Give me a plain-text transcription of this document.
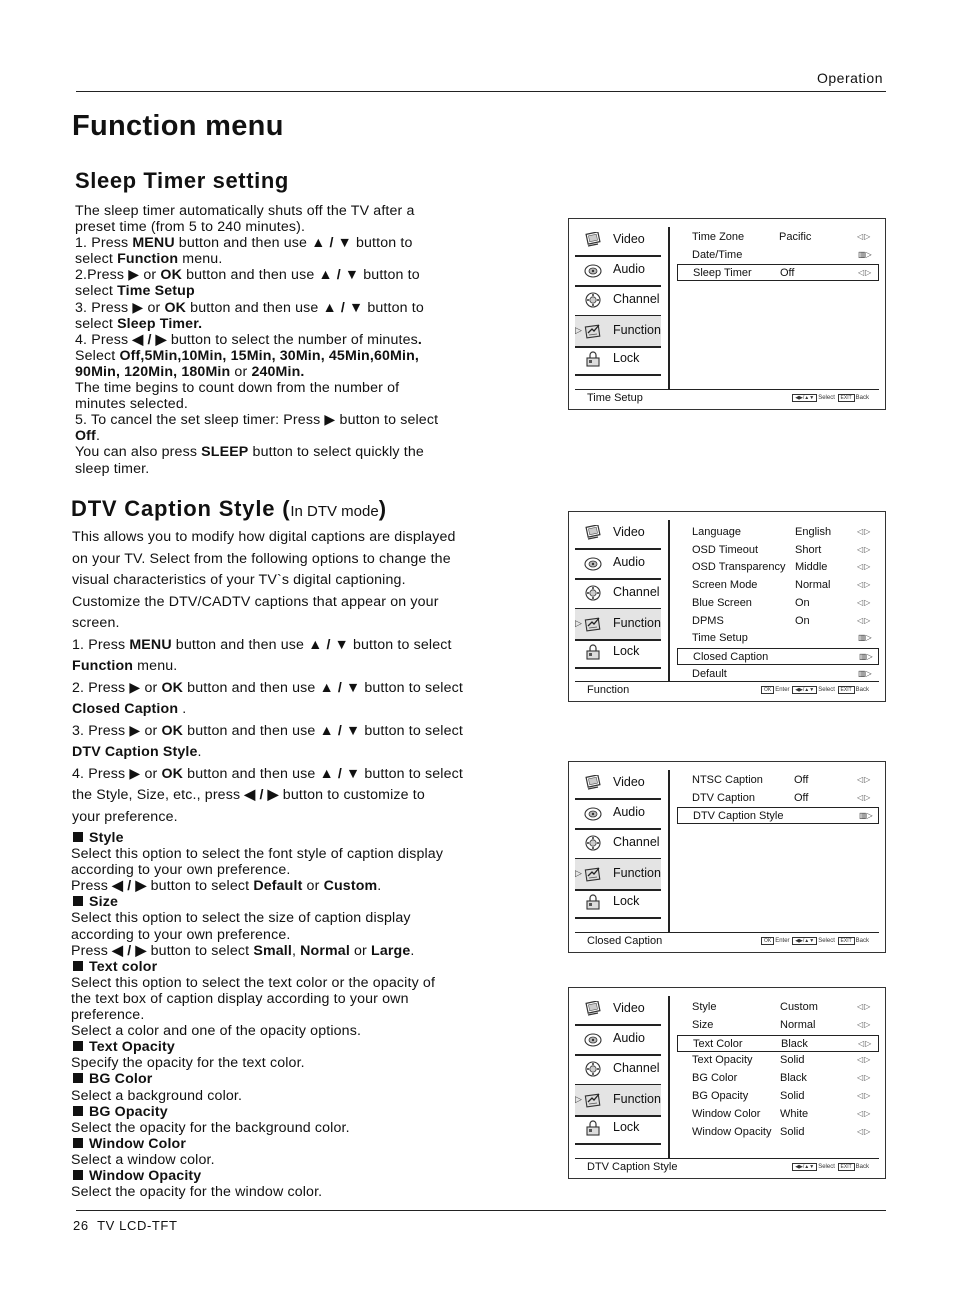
Operation
Function menu
Sleep Timer setting
The sleep timer automatically shuts off the TV after a
preset time (from 5 to 240 minutes).
1. Press MENU button and then use ▲ / ▼ button to
select Function menu.
2.Press ▶ or OK button and then use ▲ / ▼ button to
select Time Setup
3. Press ▶ or OK button and then use ▲ / ▼ button to
select Sleep Timer.
4. Press ◀ / ▶ button to select the number of minutes.
Select Off,5Min,10Min, 15Min, 30Min, 45Min,60Min,
90Min, 120Min, 180Min or 240Min.
The time begins to count down from the number of
minutes selected.
5. To cancel the set sleep timer: Press ▶ button to select
Off.
You can also press SLEEP button to select quickly the
sleep timer.
DTV Caption Style (In DTV mode)
This allows you to modify how digital captions are displayed
on your TV. Select from the following options to change the
visual characteristics of your TV`s digital captioning.
Customize the DTV/CADTV captions that appear on your
screen.
1. Press MENU button and then use ▲ / ▼ button to select
Function menu.
2. Press ▶ or OK button and then use ▲ / ▼ button to select
Closed Caption .
3. Press ▶ or OK button and then use ▲ / ▼ button to select
DTV Caption Style.
4. Press ▶ or OK button and then use ▲ / ▼ button to select
the Style, Size, etc., press ◀ / ▶ button to customize to
your preference.
Style
Select this option to select the font style of caption display
according to your own preference.
Press ◀ / ▶ button to select Default or Custom.
Size
Select this option to select the size of caption display
according to your own preference.
Press ◀ / ▶ button to select Small, Normal or Large.
Text color
Select this option to select the text color or the opacity of
the text box of caption display according to your own
preference.
Select a color and one of the opacity options.
Text Opacity
Specify the opacity for the text color.
BG Color
Select a background color.
BG Opacity
Select the opacity for the background color.
Window Color
Select a window color.
Window Opacity
Select the opacity for the window color.
Video
Audio
Channel
Function
▷
Lock
Time Zone	Pacific	◁▷
Date/Time	▥▷
Sleep Timer	Off	◁▷
Time Setup	◀▶/▲▼ Select EXIT Back
Video
Audio
Channel
Function
▷
Lock
Language	English	◁▷
OSD Timeout	Short	◁▷
OSD Transparency Middle	◁▷
Screen Mode	Normal	◁▷
Blue Screen	On	◁▷
DPMS	On	◁▷
Time Setup	▥▷
Closed Caption	▥▷
Default	▥▷
Function	OK Enter ◀▶/▲▼ Select EXIT Back
Video
Audio
Channel
Function
▷
Lock
NTSC Caption	Off	◁▷
DTV Caption	Off	◁▷
DTV Caption Style	▥▷
Closed Caption	OK Enter ◀▶/▲▼ Select EXIT Back
Video
Audio
Channel
Function
▷
Lock
Style	Custom	◁▷
Size	Normal	◁▷
Text Color	Black	◁▷
Text Opacity Solid	◁▷
BG Color	Black	◁▷
BG Opacity	Solid	◁▷
Window Color White	◁▷
Window Opacity Solid	◁▷
DTV Caption Style	◀▶/▲▼ Select EXIT Back
26 TV LCD-TFT
